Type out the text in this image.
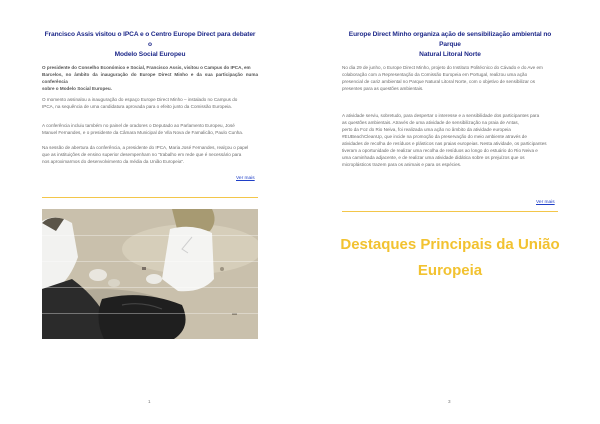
Francisco Assis visitou o IPCA e o Centro Europe Direct para debater o
Modelo Social Europeu
O presidente do Conselho Económico e Social, Francisco Assis, visitou o Campus do IPCA, em
Barcelos, no âmbito da inauguração do Europe Direct Minho e da sua participação numa conferência
sobre o Modelo Social Europeu.
O momento assinalou a inauguração do espaço Europe Direct Minho – instalado no Campus do
IPCA, na sequência de uma candidatura aprovada para o efeito junto da Comissão Europeia.
A conferência incluiu também no painel de oradores o Deputado ao Parlamento Europeu, José
Manuel Fernandes, e o presidente da Câmara Municipal de Vila Nova de Famalicão, Paulo Cunha.
Na sessão de abertura da conferência, a presidente do IPCA, Maria José Fernandes, realçou o papel
que as instituições de ensino superior desempenham no "trabalho em rede que é necessário para
nos aproximarmos do desenvolvimento da média da União Europeia".
Ver mais
1
Europe Direct Minho organiza ação de sensibilização ambiental no Parque
Natural Litoral Norte
No dia 29 de junho, o Europe Direct Minho, projeto do Instituto Politécnico do Cávado e do Ave em
colaboração com a Representação da Comissão Europeia em Portugal, realizou uma ação
presencial de cariz ambiental no Parque Natural Litoral Norte, com o objetivo de sensibilizar os
presentes para as questões ambientais.
A atividade serviu, sobretudo, para despertar o interesse e a sensibilidade dos participantes para
as questões ambientais. Através de uma atividade de sensibilização na praia de Antas,
perto da Foz do Rio Neiva, foi realizada uma ação no âmbito da atividade europeia
#EUBeachCleanUp, que incide na promoção da preservação do meio ambiente através de
atividades de recolha de resíduos e plásticos nas praias europeias. Nesta atividade, os participantes
tiveram a oportunidade de realizar uma recolha de resíduos ao longo do estuário do Rio Neiva e
uma caminhada adjacente, e de realizar uma atividade didática sobre os prejuízos que os
microplásticos trazem para os animais e para os espécies.
Ver mais
3
Destaques Principais da União
Europeia
